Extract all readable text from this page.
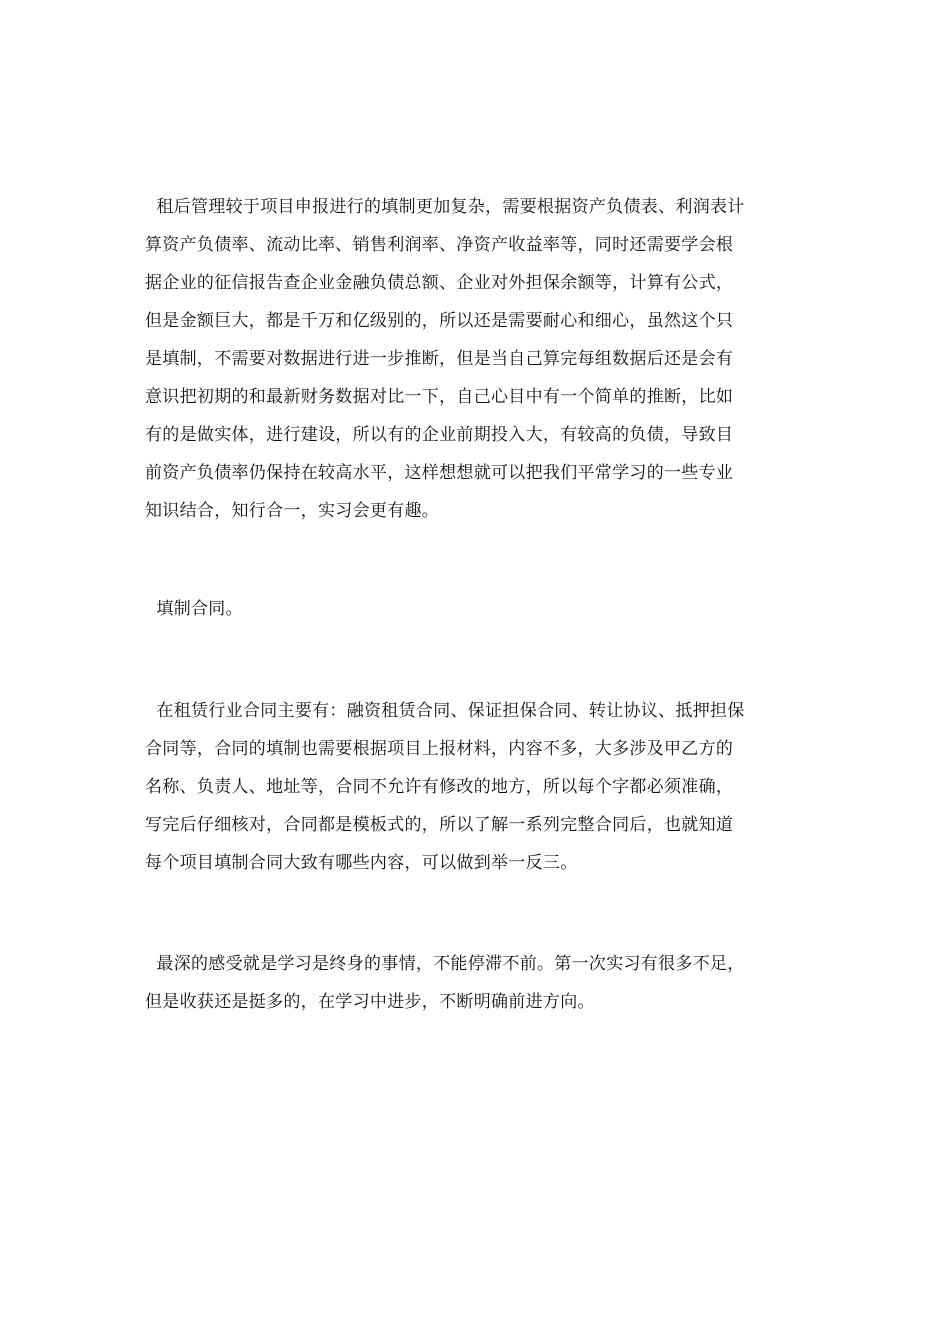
租后管理较于项目申报进行的填制更加复杂，需要根据资产负债表、利润表计
算资产负债率、流动比率、销售利润率、净资产收益率等，同时还需要学会根
据企业的征信报告查企业金融负债总额、企业对外担保余额等，计算有公式，
但是金额巨大，都是千万和亿级别的，所以还是需要耐心和细心，虽然这个只
是填制，不需要对数据进行进一步推断，但是当自己算完每组数据后还是会有
意识把初期的和最新财务数据对比一下，自己心目中有一个简单的推断，比如
有的是做实体，进行建设，所以有的企业前期投入大，有较高的负债，导致目
前资产负债率仍保持在较高水平，这样想想就可以把我们平常学习的一些专业
知识结合，知行合一，实习会更有趣。

填制合同。

在租赁行业合同主要有：融资租赁合同、保证担保合同、转让协议、抵押担保
合同等，合同的填制也需要根据项目上报材料，内容不多，大多涉及甲乙方的
名称、负责人、地址等，合同不允许有修改的地方，所以每个字都必须准确，
写完后仔细核对，合同都是模板式的，所以了解一系列完整合同后，也就知道
每个项目填制合同大致有哪些内容，可以做到举一反三。

最深的感受就是学习是终身的事情，不能停滞不前。第一次实习有很多不足，
但是收获还是挺多的，在学习中进步，不断明确前进方向。
